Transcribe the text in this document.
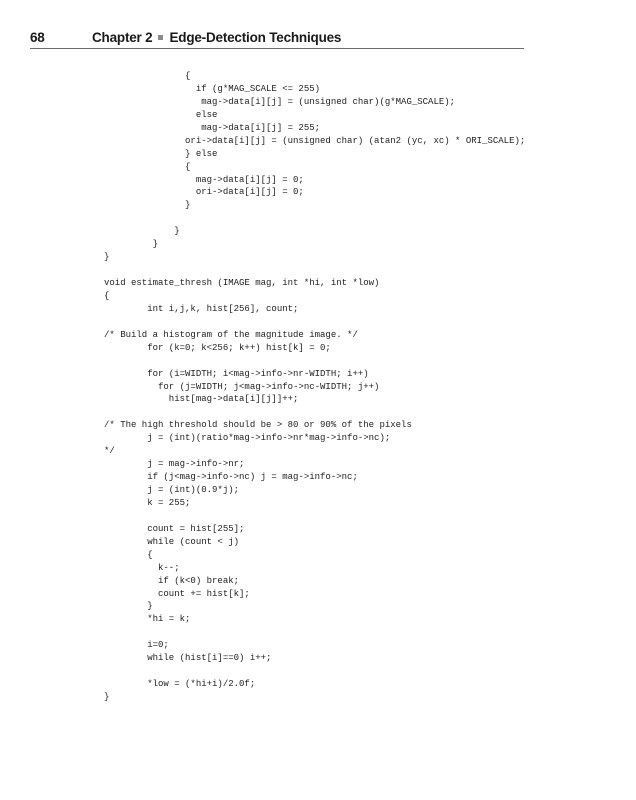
68	Chapter 2 Edge-Detection Techniques
{
if (g*MAG_SCALE <= 255)
mag->data[i][j] = (unsigned char)(g*MAG_SCALE);
else
mag->data[i][j] = 255;
ori->data[i][j] = (unsigned char) (atan2 (yc, xc) * ORI_SCALE);
} else
{
mag->data[i][j] = 0;
ori->data[i][j] = 0;
}
}
}
}
void estimate_thresh (IMAGE mag, int *hi, int *low)
{
int i,j,k, hist[256], count;
/* Build a histogram of the magnitude image. */
for (k=0; k<256; k++) hist[k] = 0;
for (i=WIDTH; i<mag->info->nr-WIDTH; i++)
for (j=WIDTH; j<mag->info->nc-WIDTH; j++)
hist[mag->data[i][j]]++;
/* The high threshold should be > 80 or 90% of the pixels
j = (int)(ratio*mag->info->nr*mag->info->nc);
*/
j = mag->info->nr;
if (j<mag->info->nc) j = mag->info->nc;
j = (int)(0.9*j);
k = 255;
count = hist[255];
while (count < j)
{
k--;
if (k<0) break;
count += hist[k];
}
*hi = k;
i=0;
while (hist[i]==0) i++;
*low = (*hi+i)/2.0f;
}
